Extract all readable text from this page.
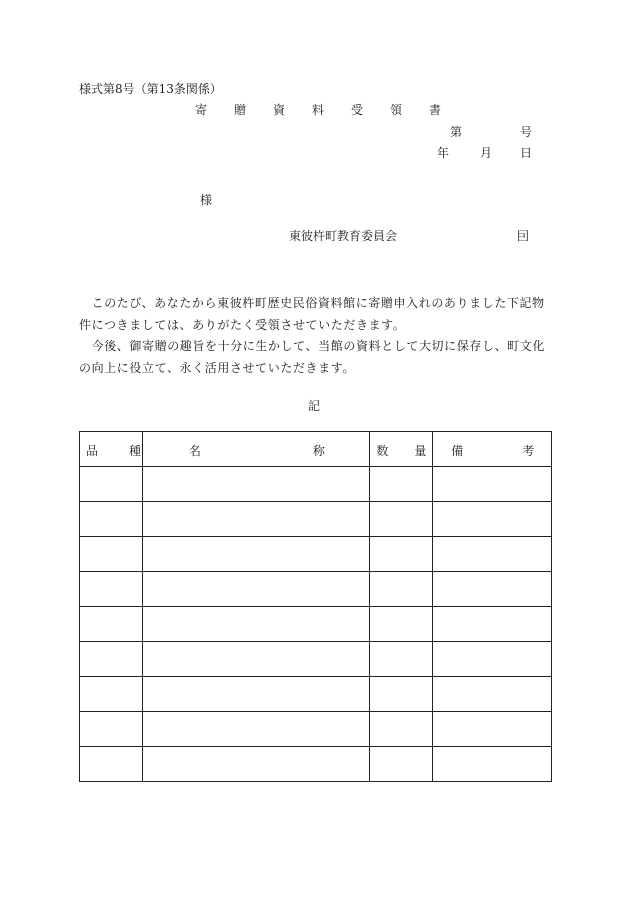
様式第8号（第13条関係）
寄 贈 資 料 受 領 書
第	号
年	月 日
様
東彼杵町教育委員会	囙

　このたび、あなたから東彼杵町歴史民俗資料館に寄贈申入れのありました下記物件につきましては、ありがたく受領させていただきます。

　今後、御寄贈の趣旨を十分に生かして、当館の資料として大切に保存し、町文化の向上に役立て、永く活用させていただきます。

記
品 種	名 称	数 量	備 考
